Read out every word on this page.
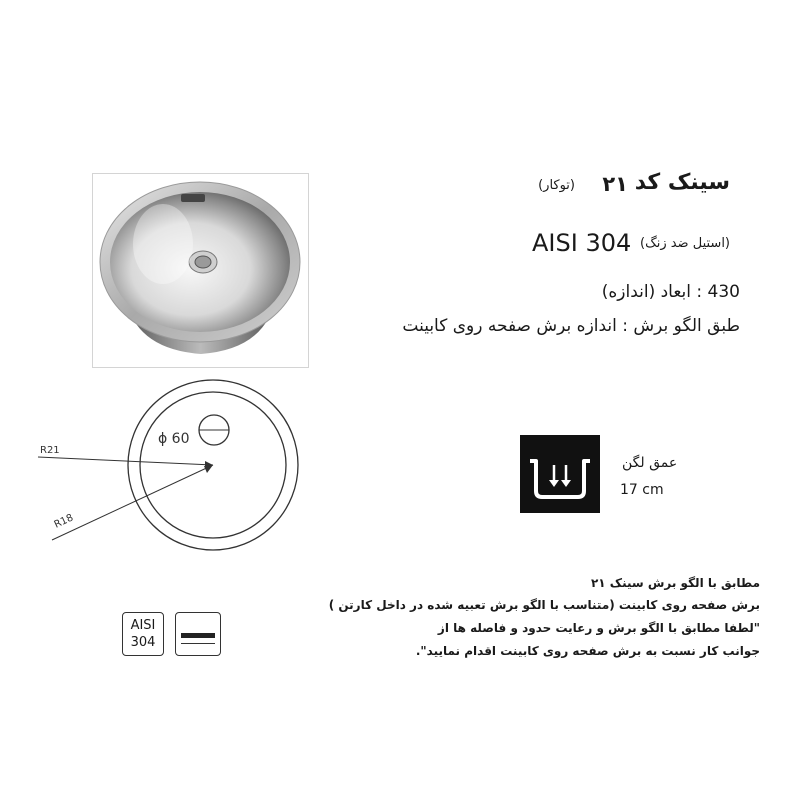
سینک کد
۲۱
(توکار)
AISI 304 (استیل ضد زنگ)
430 : ابعاد (اندازه)
طبق الگو برش : اندازه برش صفحه روی کابینت
ϕ 60
R21
R18
عمق لگن
17 cm
مطابق با الگو برش سینک ۲۱
برش صفحه روی کابینت (متناسب با الگو برش تعبیه شده در داخل کارتن )
"لطفا مطابق با الگو برش و رعایت حدود و فاصله ها از
جوانب کار نسبت به برش صفحه روی کابینت اقدام نمایید".
AISI
304
